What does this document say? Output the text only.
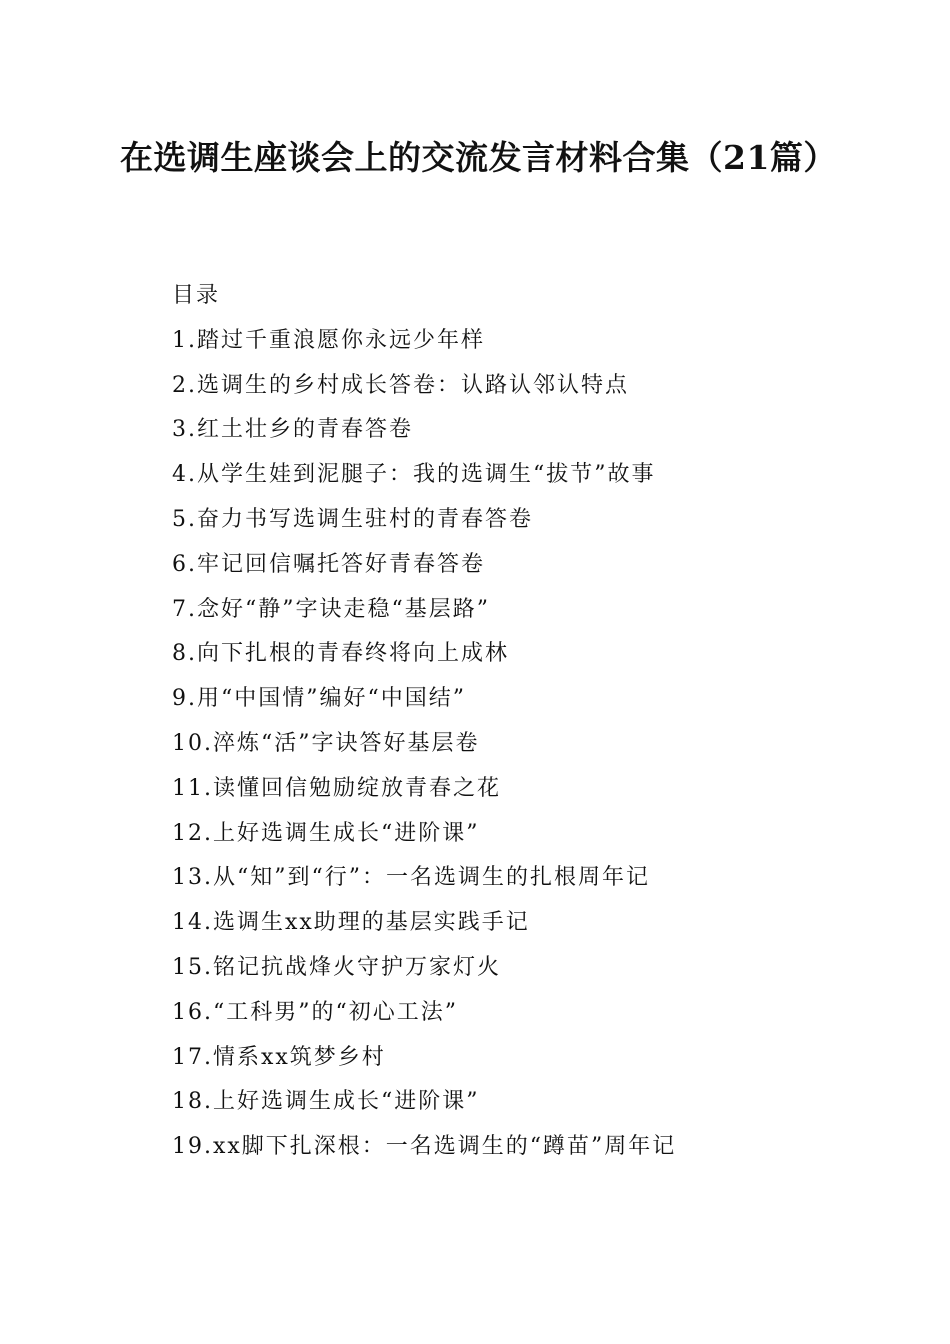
在选调生座谈会上的交流发言材料合集（21篇）
目录
1.踏过千重浪愿你永远少年样
2.选调生的乡村成长答卷：认路认邻认特点
3.红土壮乡的青春答卷
4.从学生娃到泥腿子：我的选调生“拔节”故事
5.奋力书写选调生驻村的青春答卷
6.牢记回信嘱托答好青春答卷
7.念好“静”字诀走稳“基层路”
8.向下扎根的青春终将向上成林
9.用“中国情”编好“中国结”
10.淬炼“活”字诀答好基层卷
11.读懂回信勉励绽放青春之花
12.上好选调生成长“进阶课”
13.从“知”到“行”：一名选调生的扎根周年记
14.选调生xx助理的基层实践手记
15.铭记抗战烽火守护万家灯火
16.“工科男”的“初心工法”
17.情系xx筑梦乡村
18.上好选调生成长“进阶课”
19.xx脚下扎深根：一名选调生的“蹲苗”周年记
